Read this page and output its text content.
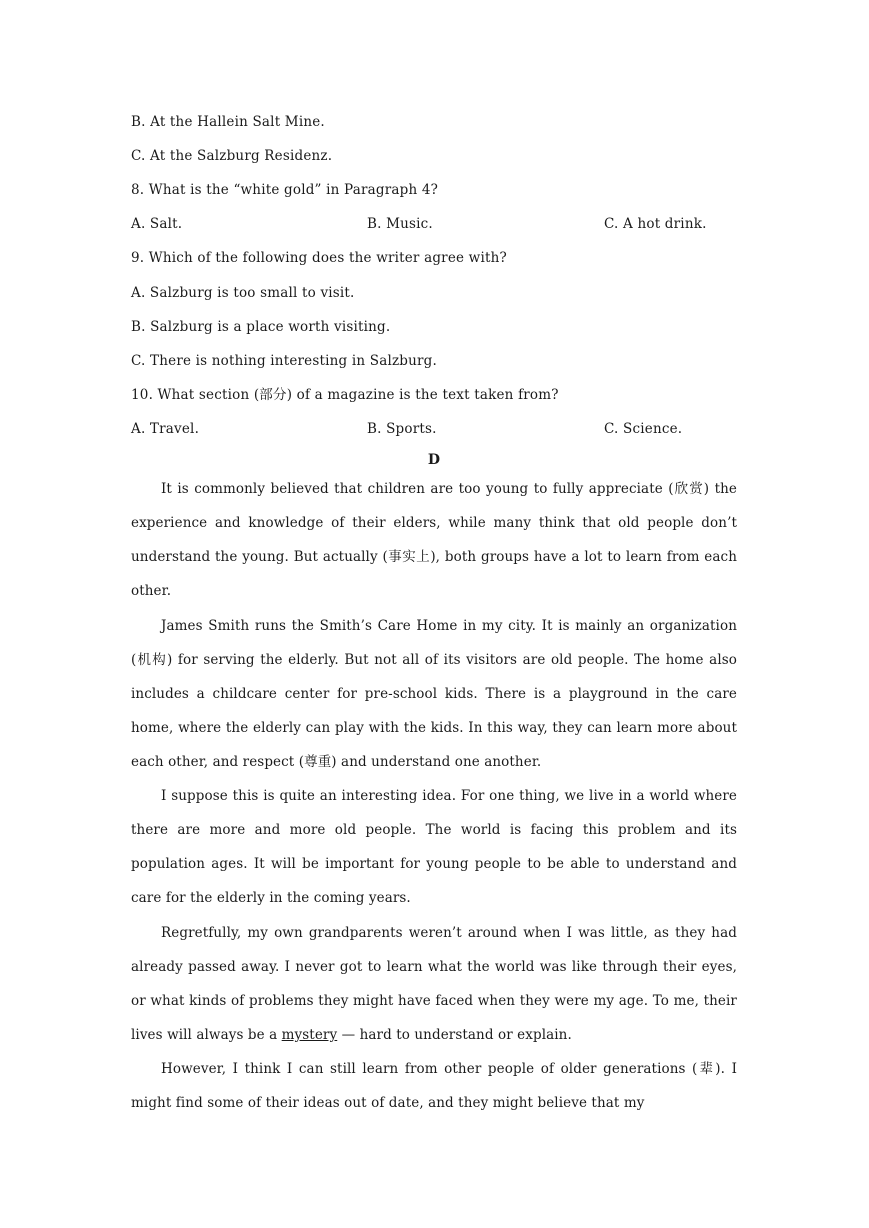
B. At the Hallein Salt Mine.
C. At the Salzburg Residenz.
8. What is the “white gold” in Paragraph 4?
A. Salt.	B. Music.	C. A hot drink.
9. Which of the following does the writer agree with?
A. Salzburg is too small to visit.
B. Salzburg is a place worth visiting.
C. There is nothing interesting in Salzburg.
10. What section (部分) of a magazine is the text taken from?
A. Travel.	B. Sports.	C. Science.
D
It is commonly believed that children are too young to fully appreciate (欣赏) the experience and knowledge of their elders, while many think that old people don’t understand the young. But actually (事实上), both groups have a lot to learn from each other.
James Smith runs the Smith’s Care Home in my city. It is mainly an organization (机构) for serving the elderly. But not all of its visitors are old people. The home also includes a childcare center for pre-school kids. There is a playground in the care home, where the elderly can play with the kids. In this way, they can learn more about each other, and respect (尊重) and understand one another.
I suppose this is quite an interesting idea. For one thing, we live in a world where there are more and more old people. The world is facing this problem and its population ages. It will be important for young people to be able to understand and care for the elderly in the coming years.
Regretfully, my own grandparents weren’t around when I was little, as they had already passed away. I never got to learn what the world was like through their eyes, or what kinds of problems they might have faced when they were my age. To me, their lives will always be a mystery — hard to understand or explain.
However, I think I can still learn from other people of older generations (辈). I might find some of their ideas out of date, and they might believe that my
